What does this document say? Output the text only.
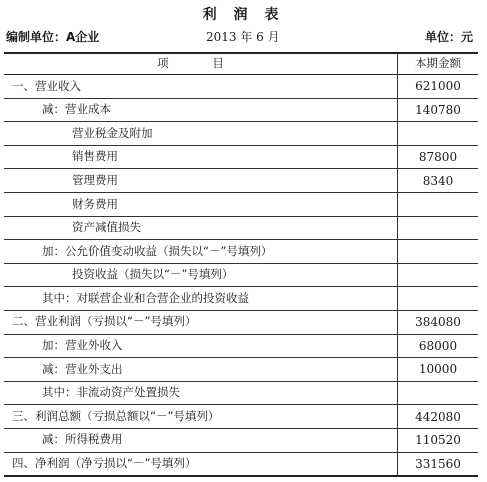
利 润 表
编制单位：A企业	2013 年 6 月	单位：元
项 目	本期金额
一、营业收入	621000
减：营业成本	140780
营业税金及附加	
销售费用	87800
管理费用	8340
财务费用	
资产减值损失	
加：公允价值变动收益（损失以“－”号填列）	
投资收益（损失以“－”号填列）	
其中：对联营企业和合营企业的投资收益	
二、营业利润（亏损以“－”号填列）	384080
加：营业外收入	68000
减：营业外支出	10000
其中：非流动资产处置损失	
三、利润总额（亏损总额以“－”号填列）	442080
减：所得税费用	110520
四、净利润（净亏损以“－”号填列）	331560
